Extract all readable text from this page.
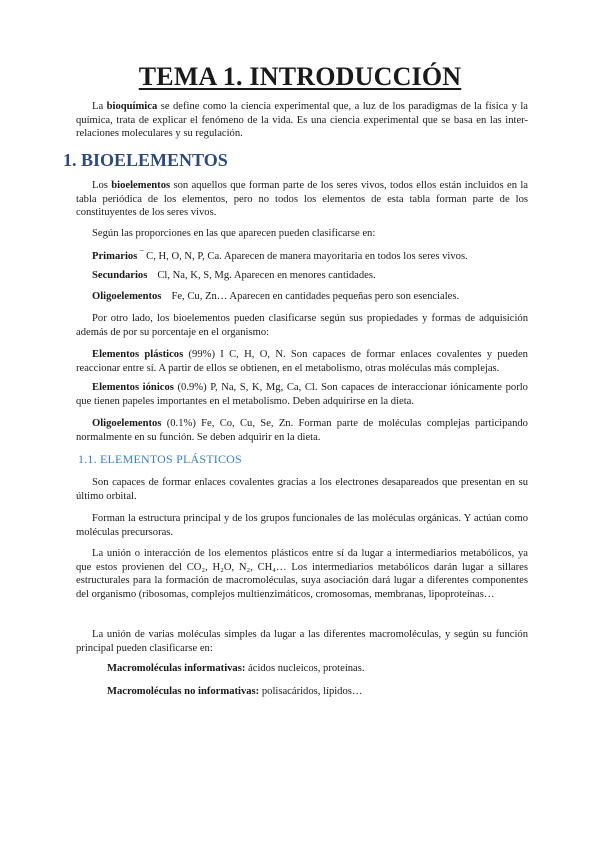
TEMA 1. INTRODUCCIÓN

La bioquímica se define como la ciencia experimental que, a luz de los paradigmas de la física y la química, trata de explicar el fenómeno de la vida. Es una ciencia experimental que se basa en las inter-relaciones moleculares y su regulación.

1. BIOELEMENTOS

Los bioelementos son aquellos que forman parte de los seres vivos, todos ellos están incluidos en la tabla periódica de los elementos, pero no todos los elementos de esta tabla forman parte de los constituyentes de los seres vivos.

Según las proporciones en las que aparecen pueden clasificarse en:

Primarios ‾ C, H, O, N, P, Ca. Aparecen de manera mayoritaria en todos los seres vivos.
Secundarios Cl, Na, K, S, Mg. Aparecen en menores cantidades.
Oligoelementos Fe, Cu, Zn… Aparecen en cantidades pequeñas pero son esenciales.

Por otro lado, los bioelementos pueden clasificarse según sus propiedades y formas de adquisición además de por su porcentaje en el organismo:

Elementos plásticos (99%) I C, H, O, N. Son capaces de formar enlaces covalentes y pueden reaccionar entre sí. A partir de ellos se obtienen, en el metabolismo, otras moléculas más complejas.

Elementos iónicos (0.9%) P, Na, S, K, Mg, Ca, Cl. Son capaces de interaccionar iónicamente porlo que tienen papeles importantes en el metabolismo. Deben adquirirse en la dieta.

Oligoelementos (0.1%) Fe, Co, Cu, Se, Zn. Forman parte de moléculas complejas participando normalmente en su función. Se deben adquirir en la dieta.

1.1. ELEMENTOS PLÁSTICOS

Son capaces de formar enlaces covalentes gracias a los electrones desapareados que presentan en su último orbital.

Forman la estructura principal y de los grupos funcionales de las moléculas orgánicas. Y actúan como moléculas precursoras.

La unión o interacción de los elementos plásticos entre sí da lugar a intermediarios metabólicos, ya que estos provienen del CO₂, H₂O, N₂, CH₄… Los intermediarios metabólicos darán lugar a sillares estructurales para la formación de macromoléculas, suya asociación dará lugar a diferentes componentes del organismo (ribosomas, complejos multienzimáticos, cromosomas, membranas, lipoproteínas…

La unión de varias moléculas simples da lugar a las diferentes macromoléculas, y según su función principal pueden clasificarse en:

Macromoléculas informativas: ácidos nucleicos, proteínas.
Macromoléculas no informativas: polisacáridos, lípidos…
